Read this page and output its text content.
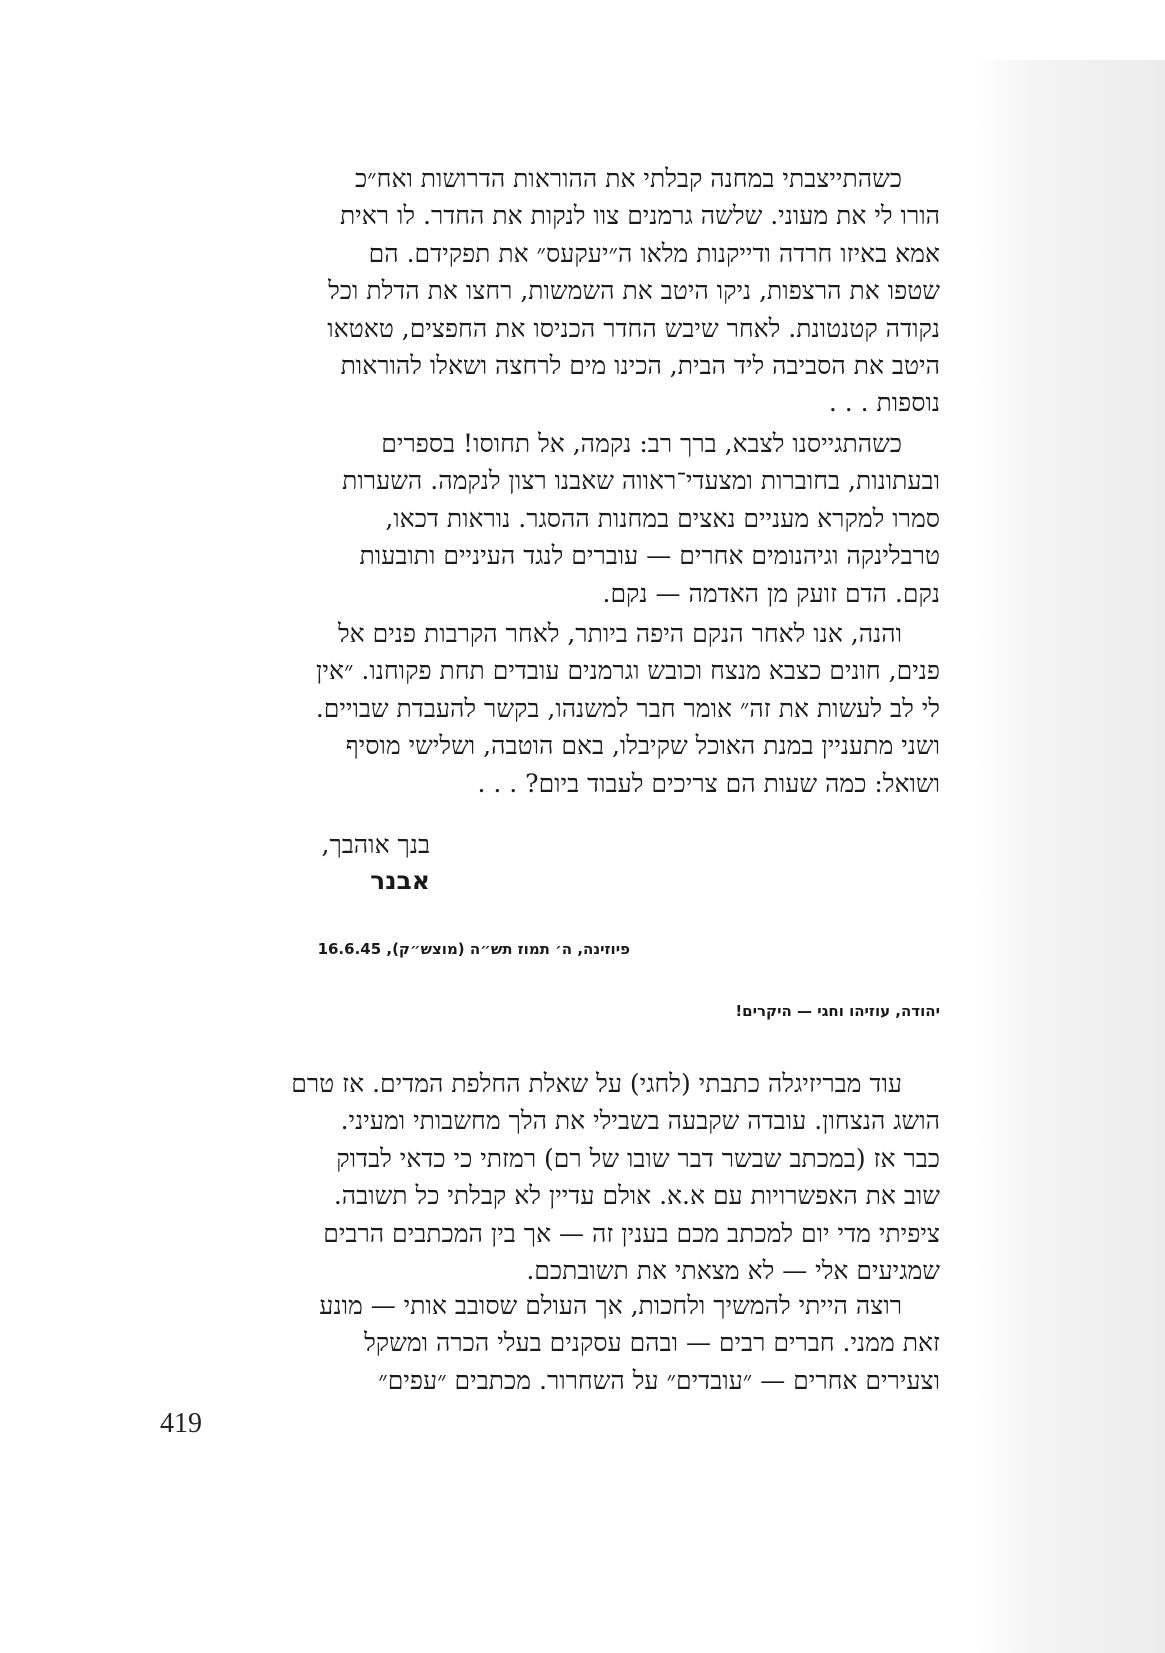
כשהתייצבתי במחנה קבלתי את ההוראות הדרושות ואח״כ
הורו לי את מעוני. שלשה גרמנים צוו לנקות את החדר. לו ראית
אמא באיזו חרדה ודייקנות מלאו ה״יעקעס״ את תפקידם. הם
שטפו את הרצפות, ניקו היטב את השמשות, רחצו את הדלת וכל
נקודה קטנטונת. לאחר שיבש החדר הכניסו את החפצים, טאטאו
היטב את הסביבה ליד הבית, הכינו מים לרחצה ושאלו להוראות
נוספות . . .
כשהתגייסנו לצבא, ברך רב: נקמה, אל תחוסו! בספרים
ובעתונות, בחוברות ומצעדי־ראווה שאבנו רצון לנקמה. השערות
סמרו למקרא מעניים נאצים במחנות ההסגר. נוראות דכאו,
טרבלינקה וגיהנומים אחרים — עוברים לנגד העיניים ותובעות
נקם. הדם זועק מן האדמה — נקם.
והנה, אנו לאחר הנקם היפה ביותר, לאחר הקרבות פנים אל
פנים, חונים כצבא מנצח וכובש וגרמנים עובדים תחת פקוחנו. ״אין
לי לב לעשות את זה״ אומר חבר למשנהו, בקשר להעבדת שבויים.
ושני מתעניין במנת האוכל שקיבלו, באם הוטבה, ושלישי מוסיף
ושואל: כמה שעות הם צריכים לעבוד ביום? . . .
בנך אוהבך,
אבנר
פיוזינה, ה׳ תמוז תש״ה (מוצש״ק), 16.6.45
יהודה, עוזיהו וחגי — היקרים!
עוד מבריזיגלה כתבתי (לחגי) על שאלת החלפת המדים. אז טרם
הושג הנצחון. עובדה שקבעה בשבילי את הלך מחשבותי ומעיני.
כבר אז (במכתב שבשר דבר שובו של רם) רמזתי כי כדאי לבדוק
שוב את האפשרויות עם א.א. אולם עדיין לא קבלתי כל תשובה.
ציפיתי מדי יום למכתב מכם בענין זה — אך בין המכתבים הרבים
שמגיעים אלי — לא מצאתי את תשובתכם.
רוצה הייתי להמשיך ולחכות, אך העולם שסובב אותי — מונע
זאת ממני. חברים רבים — ובהם עסקנים בעלי הכרה ומשקל
וצעירים אחרים — ״עובדים״ על השחרור. מכתבים ״עפים״
419
